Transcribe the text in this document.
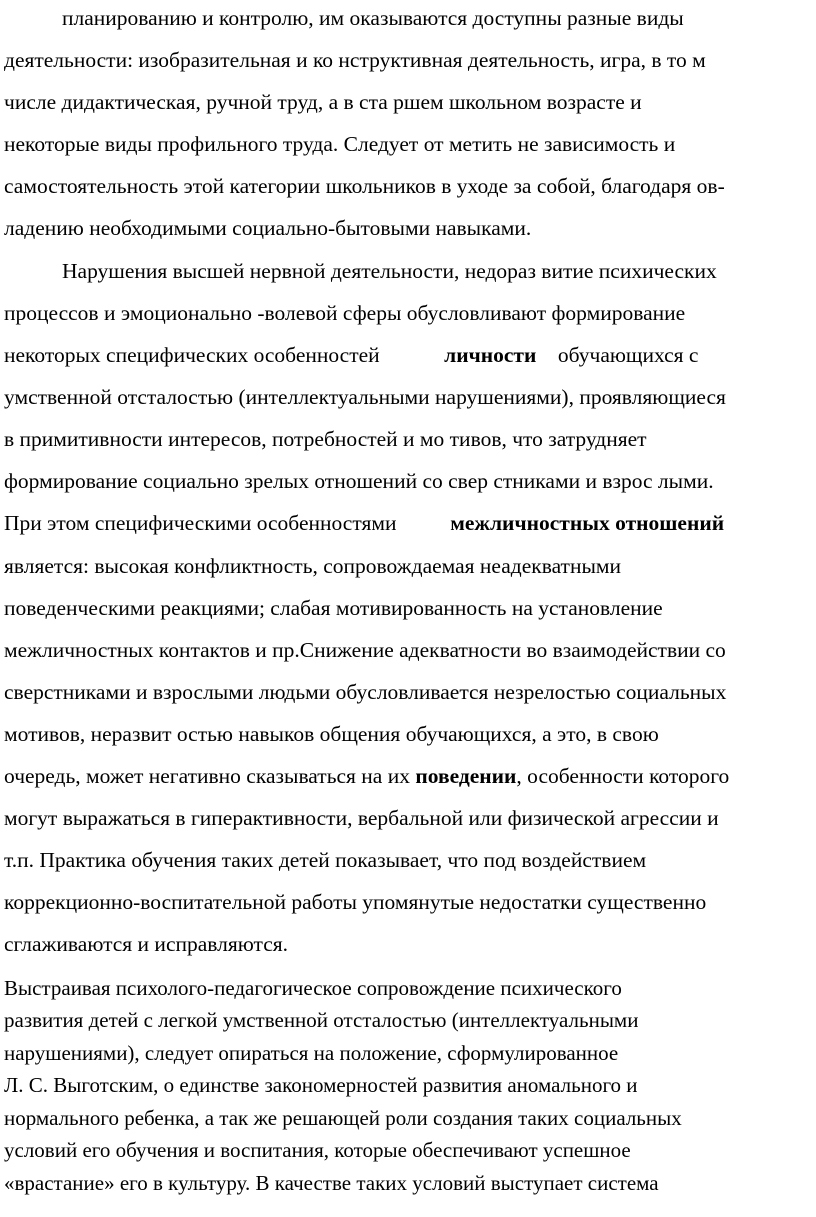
планированию и контролю, им оказываются доступны разные виды
деятельности: изобразительная и ко нструктивная деятельность, игра, в то м
числе дидактическая, ручной труд, а в ста ршем школьном возрасте и
некоторые виды профильного труда. Следует от метить не зависимость и
самостоятельность этой категории школьников в уходе за собой, благодаря ов-
ладению необходимыми социально-бытовыми навыками.
Нарушения высшей нервной деятельности, недораз витие психических
процессов и эмоционально -волевой сферы обусловливают формирование
некоторых специфических особенностей            личности    обучающихся с
умственной отсталостью (интеллектуальными нарушениями), проявляющиеся
в примитивности интересов, потребностей и мо тивов, что затрудняет
формирование социально зрелых отношений со свер стниками и взрос лыми.
При этом специфическими особенностями          межличностных отношений
является: высокая конфликтность, сопровождаемая неадекватными
поведенческими реакциями; слабая мотивированность на установление
межличностных контактов и пр.Снижение адекватности во взаимодействии со
сверстниками и взрослыми людьми обусловливается незрелостью социальных
мотивов, неразвит остью навыков общения обучающихся, а это, в свою
очередь, может негативно сказываться на их поведении, особенности которого
могут выражаться в гиперактивности, вербальной или физической агрессии и
т.п. Практика обучения таких детей показывает, что под воздействием
коррекционно-воспитательной работы упомянутые недостатки существенно
сглаживаются и исправляются.
Выстраивая психолого-педагогическое сопровождение психического
развития детей с легкой умственной отсталостью (интеллектуальными
нарушениями), следует опираться на положение, сформулированное
Л. С. Выготским, о единстве закономерностей развития аномального и
нормального ребенка, а так же решающей роли создания таких социальных
условий его обучения и воспитания, которые обеспечивают успешное
«врастание» его в культуру. В качестве таких условий выступает система
